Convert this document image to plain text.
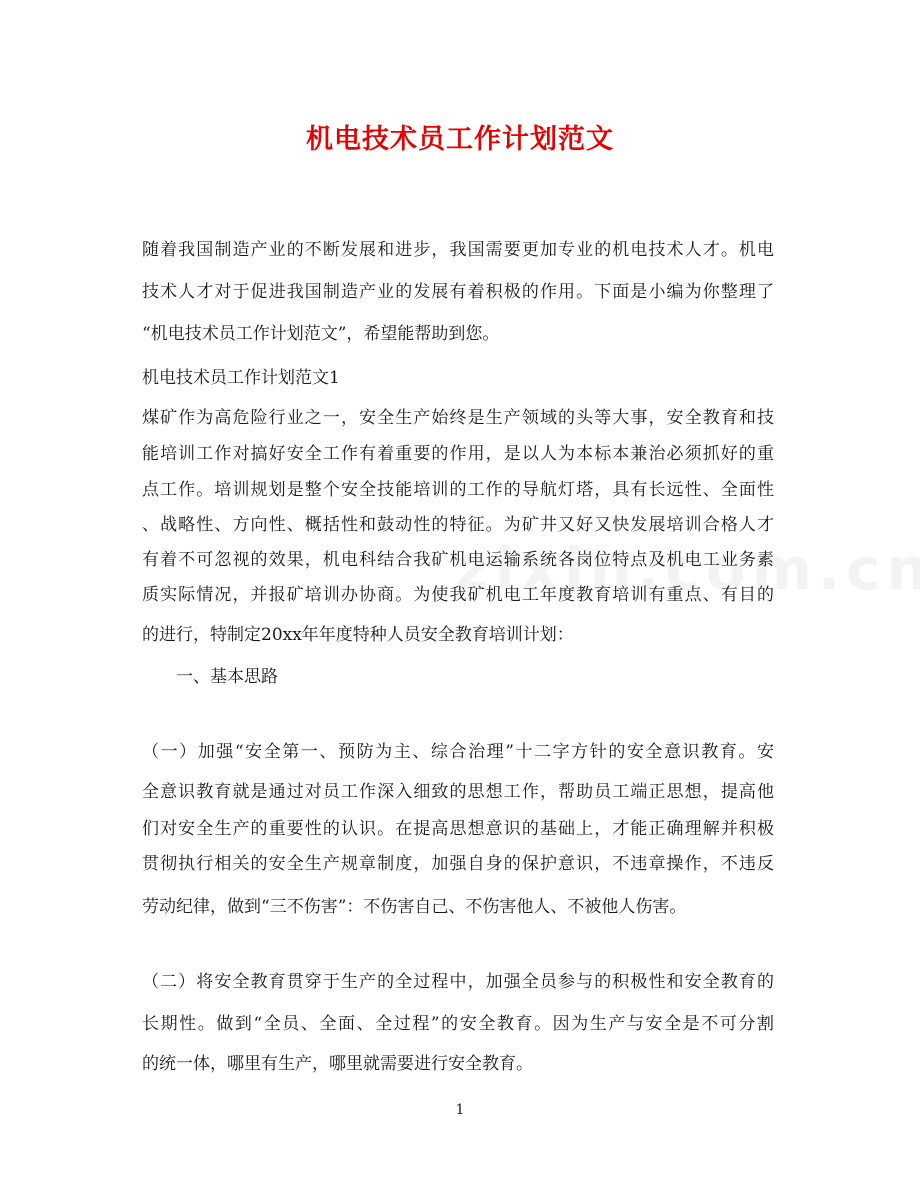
机电技术员工作计划范文
随着我国制造产业的不断发展和进步，我国需要更加专业的机电技术人才。机电
技术人才对于促进我国制造产业的发展有着积极的作用。下面是小编为你整理了
“机电技术员工作计划范文”，希望能帮助到您。
机电技术员工作计划范文1
煤矿作为高危险行业之一，安全生产始终是生产领域的头等大事，安全教育和技
能培训工作对搞好安全工作有着重要的作用，是以人为本标本兼治必须抓好的重
点工作。培训规划是整个安全技能培训的工作的导航灯塔，具有长远性、全面性
、战略性、方向性、概括性和鼓动性的特征。为矿井又好又快发展培训合格人才
有着不可忽视的效果，机电科结合我矿机电运输系统各岗位特点及机电工业务素
质实际情况，并报矿培训办协商。为使我矿机电工年度教育培训有重点、有目的
的进行，特制定20xx年年度特种人员安全教育培训计划：
一、基本思路
（一）加强“安全第一、预防为主、综合治理”十二字方针的安全意识教育。安
全意识教育就是通过对员工作深入细致的思想工作，帮助员工端正思想，提高他
们对安全生产的重要性的认识。在提高思想意识的基础上，才能正确理解并积极
贯彻执行相关的安全生产规章制度，加强自身的保护意识，不违章操作，不违反
劳动纪律，做到“三不伤害”：不伤害自己、不伤害他人、不被他人伤害。
（二）将安全教育贯穿于生产的全过程中，加强全员参与的积极性和安全教育的
长期性。做到“全员、全面、全过程”的安全教育。因为生产与安全是不可分割
的统一体，哪里有生产，哪里就需要进行安全教育。
1
